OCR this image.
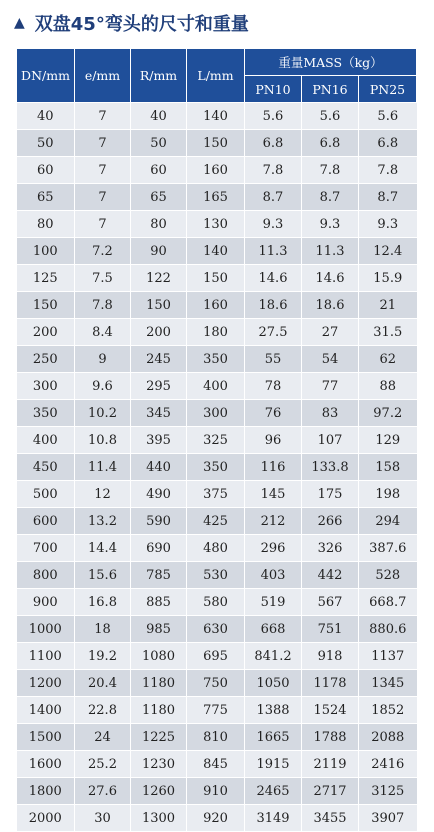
▲ 双盘45°弯头的尺寸和重量
DN/mm	e/mm	R/mm	L/mm	重量MASS（kg）		
				PN10	PN16	PN25
40	7	40	140	5.6	5.6	5.6
50	7	50	150	6.8	6.8	6.8
60	7	60	160	7.8	7.8	7.8
65	7	65	165	8.7	8.7	8.7
80	7	80	130	9.3	9.3	9.3
100	7.2	90	140	11.3	11.3	12.4
125	7.5	122	150	14.6	14.6	15.9
150	7.8	150	160	18.6	18.6	21
200	8.4	200	180	27.5	27	31.5
250	9	245	350	55	54	62
300	9.6	295	400	78	77	88
350	10.2	345	300	76	83	97.2
400	10.8	395	325	96	107	129
450	11.4	440	350	116	133.8	158
500	12	490	375	145	175	198
600	13.2	590	425	212	266	294
700	14.4	690	480	296	326	387.6
800	15.6	785	530	403	442	528
900	16.8	885	580	519	567	668.7
1000	18	985	630	668	751	880.6
1100	19.2	1080	695	841.2	918	1137
1200	20.4	1180	750	1050	1178	1345
1400	22.8	1180	775	1388	1524	1852
1500	24	1225	810	1665	1788	2088
1600	25.2	1230	845	1915	2119	2416
1800	27.6	1260	910	2465	2717	3125
2000	30	1300	920	3149	3455	3907
